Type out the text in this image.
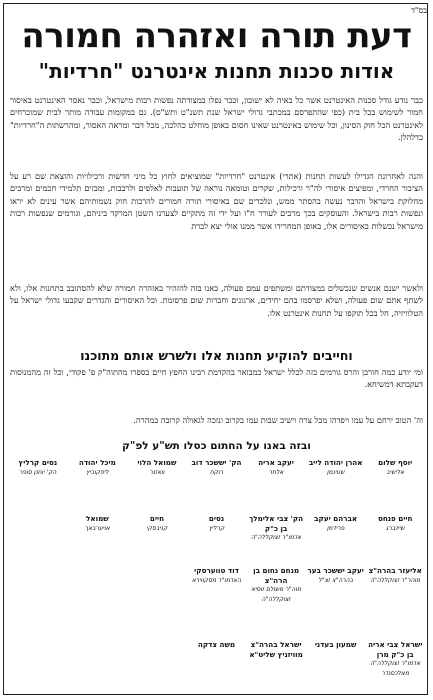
בס"ד
דעת תורה ואזהרה חמורה
אודות סכנות תחנות אינטרנט "חרדיות"
כבר נודע גודל סכנות האינטרנט אשר כל באיה לא ישובון, וכבר נפלו במצודתה נפשות רבות מישראל, וכבר נאסר האינטרנט באיסור חמור לשימוש בכל בית (כפי שהתפרסם במכתבי גדולי ישראל שנת תשנ"ט ותש"ס). גם במקומות עבודה מותר לבית שמוכרחים לאינטרנט הכל חוק הסינון, וכל שימוש באינטרנט שאינו חסום באופן מוחלט כהלכה, מכל דבר ומראה האסור, ומהרשתות ה"חרדיות" כדלהלן.
והנה לאחרונה הגדילו לעשות תחנות (אתרי) אינטרנט "חרדיות" שמוציאים לחוץ כל מיני חדשות ורכילויות והוצאת שם רע על הציבור החרדי, ומפיצים איסורי לה"ר ורכילות, שקרים וטומאה נוראה של תועבות לאלפים ולרבבות, ומבזים תלמידי חכמים ומרבים מחלוקת בישראל והדבר נעשה בהסתר ממש, ונלכדים שם באיסורי תורה חמורים להרבות חוק נשמותיהם אשר עינים לא יראו ונפשות רבות בישראל. והעוסקים בכך מרבים לעורר ח"ו ועל ידי זה מתקיים לצערנו השטן המרקד ביניהם, וגורמים שנפשות רבות מישראל נכשלות באיסורים אלו, באופן המחרידו אשר ממנו אולי יצא לכרת
ולאשר ישנם אנשים שנכשלים במצודתם ומשתפים עמם פעולה, באנו בזה להזהיר באזהרה חמורה שלא להסתובב בתחנות אלו, ולא לשתף אתם שום פעולה, ושלא יפרסמו בהם יחידים, ארגונים וחברות שום פרסומת. וכל האיסורים והגדרים שקבעו גדולי ישראל על הטלוויזיה, חל בכל תוקפו על תחנות אינטרנט אלו.
וחייבים להוקיע תחנות אלו ולשרש אותם מתוכנו
ומי יודע כמה חורבן והרס גורמים בזה לכלל ישראל כמבואר בהקדמת רבינו החפץ חיים בספרו מהתוה"ק פ' פקודי, וכל זה מהמנוסות דעקבתא דמשיחא.
וה' הטוב ירחם על עמו ויפדהו מכל צרה וישיב שבות עמו בקרוב ונזכה לגאולה קרובה במהרה.
ובזה באנו על החתום כסלו תש"ע לפ"ק
יוסף שלום
אלישיב
אהרן יהודה לייב
שטינמן
יעקב אריה
אלתר
הק' יששכר דוב
רוקח
שמואל הלוי
וואזנר
מיכל יהודה
ליפקוביץ
נסים קרליץ
הק' יוחנן סופר
חיים פנחס
שיינברג
אברהם יעקב
פרידמן
הק' צבי אלימלך בן כ"ק
אדמו"ר זצוקללה"ה
נסים
קרליץ
חיים
קניבסקי
שמואל
אויערבאך
אליעזר בהרה"צ
מוהר"ר זצוקללה"ה
יעקב יששכר בער
בהרה"צ זצ"ל
מנחם נחום בן הרה"צ
מוה"ר משולם זוסיא זצוקללה"ה
דוד טווערסקי
האדמו"ר מסקווירא
ישראל צבי אריה בן כ"ק מרן
אדמו"ר זצוקללה"ה מאלכסנדר
שמעון בעדני
ישראל בהרה"צ מוויזניץ שליט"א
משה צדקה
